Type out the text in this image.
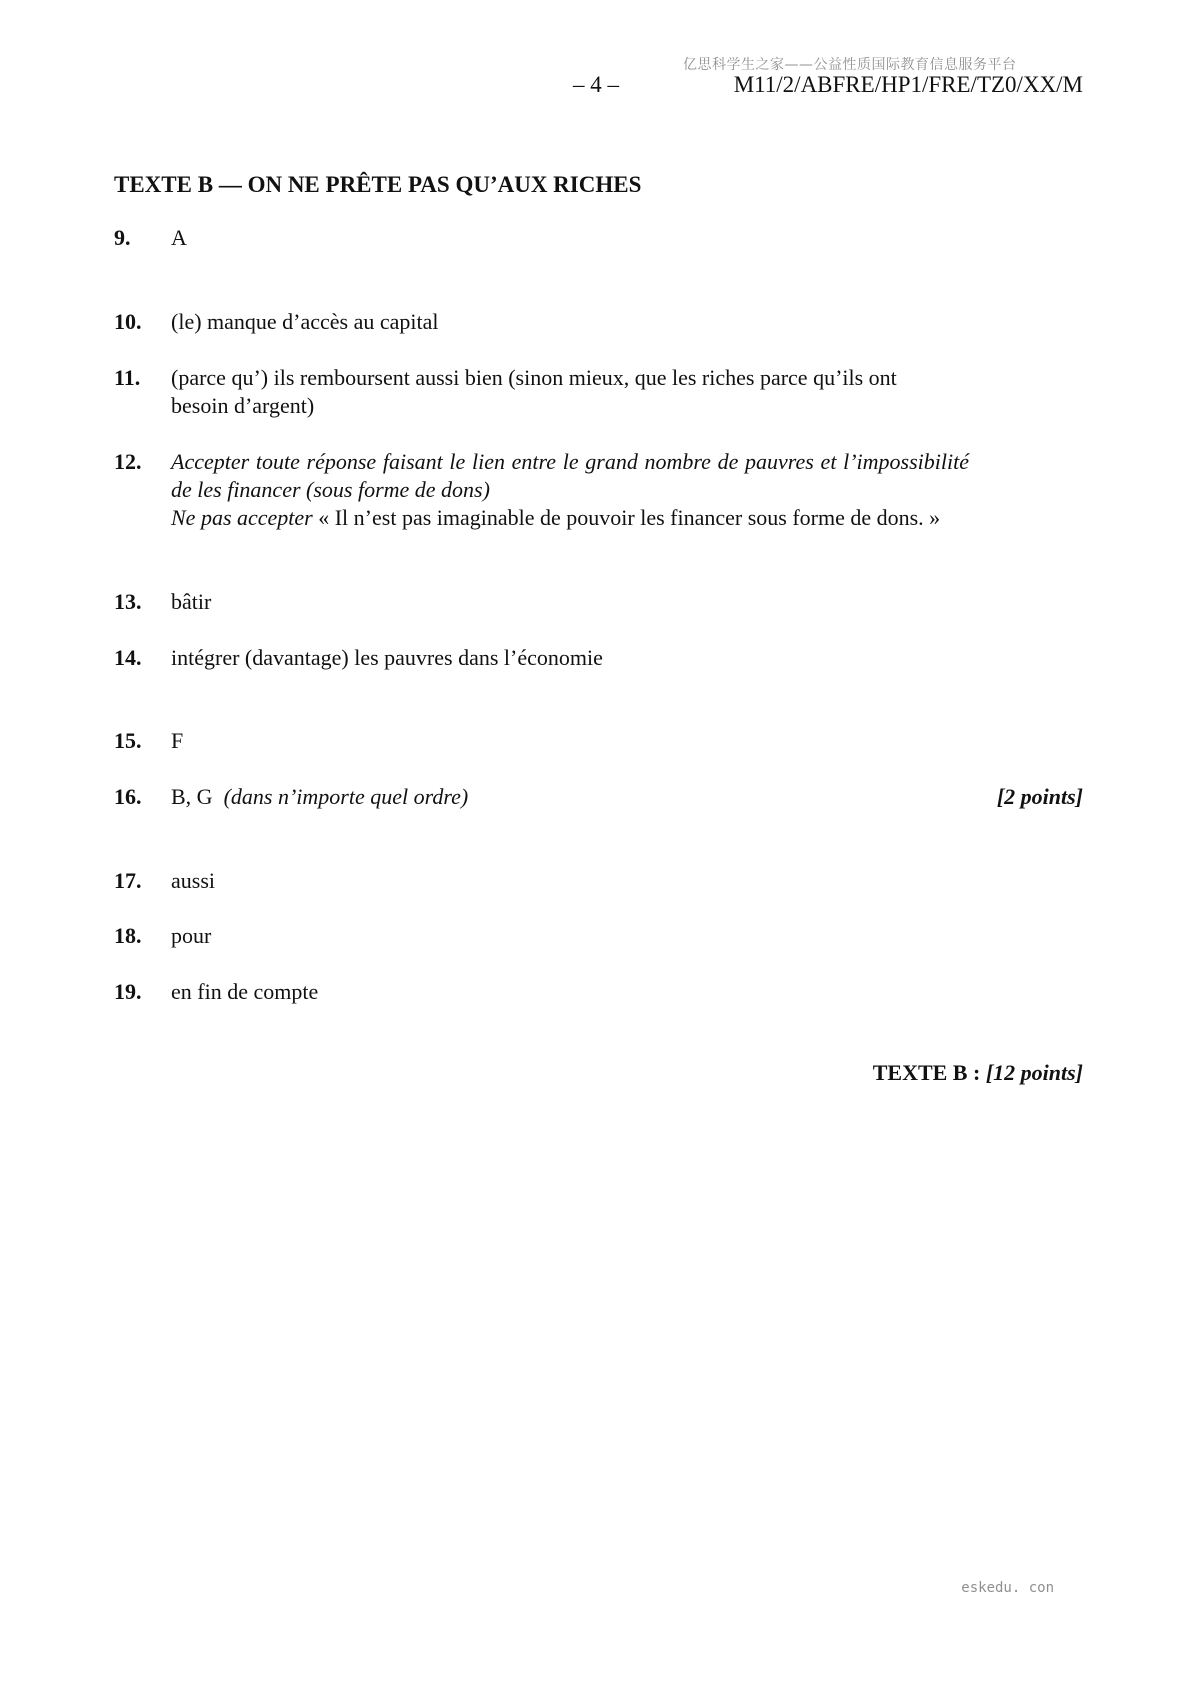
亿思科学生之家——公益性质国际教育信息服务平台
– 4 –	M11/2/ABFRE/HP1/FRE/TZ0/XX/M
TEXTE B — ON NE PRÊTE PAS QU’AUX RICHES
9. A
10. (le) manque d’accès au capital
11. (parce qu’) ils remboursent aussi bien (sinon mieux, que les riches parce qu’ils ont
besoin d’argent)
12. Accepter toute réponse faisant le lien entre le grand nombre de pauvres et l’impossibilité de les financer (sous forme de dons)
Ne pas accepter « Il n’est pas imaginable de pouvoir les financer sous forme de dons. »
13. bâtir
14. intégrer (davantage) les pauvres dans l’économie
15. F
16. B, G (dans n’importe quel ordre)	[2 points]
17. aussi
18. pour
19. en fin de compte
TEXTE B : [12 points]
eskedu. con
